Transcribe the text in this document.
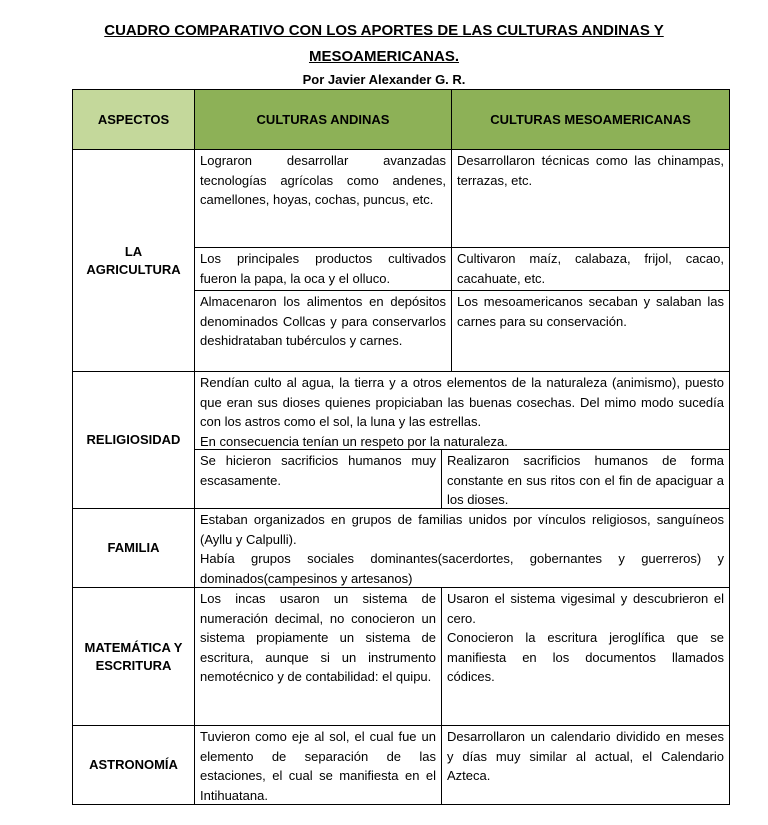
CUADRO COMPARATIVO CON LOS APORTES DE LAS CULTURAS ANDINAS Y
MESOAMERICANAS.
Por Javier Alexander G. R.
ASPECTOS	CULTURAS ANDINAS	CULTURAS MESOAMERICANAS
LA
AGRICULTURA
Lograron desarrollar avanzadas tecnologías agrícolas como andenes, camellones, hoyas, cochas, puncus, etc.
Desarrollaron técnicas como las chinampas, terrazas, etc.
Los principales productos cultivados fueron la papa, la oca y el olluco.
Cultivaron maíz, calabaza, frijol, cacao, cacahuate, etc.
Almacenaron los alimentos en depósitos denominados Collcas y para conservarlos deshidrataban tubérculos y carnes.
Los mesoamericanos secaban y salaban las carnes para su conservación.
RELIGIOSIDAD

Rendían culto al agua, la tierra y a otros elementos de la naturaleza (animismo), puesto que eran sus dioses quienes propiciaban las buenas cosechas. Del mimo modo sucedía con los astros como el sol, la luna y las estrellas.

En consecuencia tenían un respeto por la naturaleza.

Se hicieron sacrificios humanos muy escasamente.
Realizaron sacrificios humanos de forma constante en sus ritos con el fin de apaciguar a los dioses.
FAMILIA

Estaban organizados en grupos de familias unidos por vínculos religiosos, sanguíneos (Ayllu y Calpulli).

Había grupos sociales dominantes(sacerdortes, gobernantes y guerreros) y dominados(campesinos y artesanos)

MATEMÁTICA Y
ESCRITURA
Los incas usaron un sistema de numeración decimal, no conocieron un sistema propiamente un sistema de escritura, aunque si un instrumento nemotécnico y de contabilidad: el quipu.

Usaron el sistema vigesimal y descubrieron el cero.

Conocieron la escritura jeroglífica que se manifiesta en los documentos llamados códices.

ASTRONOMÍA
Tuvieron como eje al sol, el cual fue un elemento de separación de las estaciones, el cual se manifiesta en el Intihuatana.
Desarrollaron un calendario dividido en meses y días muy similar al actual, el Calendario Azteca.
